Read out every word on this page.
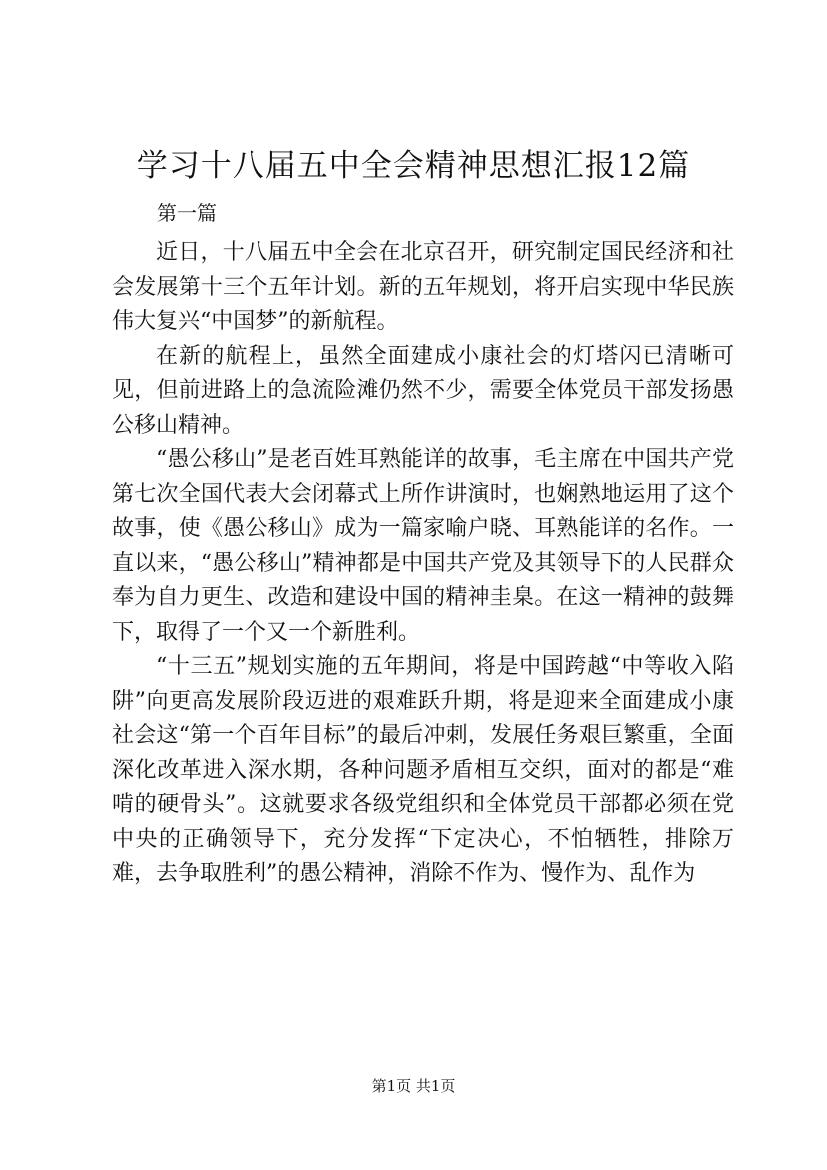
学习十八届五中全会精神思想汇报12篇
第一篇

近日，十八届五中全会在北京召开，研究制定国民经济和社会发展第十三个五年计划。新的五年规划，将开启实现中华民族伟大复兴“中国梦”的新航程。

在新的航程上，虽然全面建成小康社会的灯塔闪已清晰可见，但前进路上的急流险滩仍然不少，需要全体党员干部发扬愚公移山精神。

“愚公移山”是老百姓耳熟能详的故事，毛主席在中国共产党第七次全国代表大会闭幕式上所作讲演时，也娴熟地运用了这个故事，使《愚公移山》成为一篇家喻户晓、耳熟能详的名作。一直以来，“愚公移山”精神都是中国共产党及其领导下的人民群众奉为自力更生、改造和建设中国的精神圭臬。在这一精神的鼓舞下，取得了一个又一个新胜利。

“十三五”规划实施的五年期间，将是中国跨越“中等收入陷阱”向更高发展阶段迈进的艰难跃升期，将是迎来全面建成小康社会这“第一个百年目标”的最后冲刺，发展任务艰巨繁重，全面深化改革进入深水期，各种问题矛盾相互交织，面对的都是“难啃的硬骨头”。这就要求各级党组织和全体党员干部都必须在党中央的正确领导下，充分发挥“下定决心，不怕牺牲，排除万难，去争取胜利”的愚公精神，消除不作为、慢作为、乱作为

第1页 共1页
